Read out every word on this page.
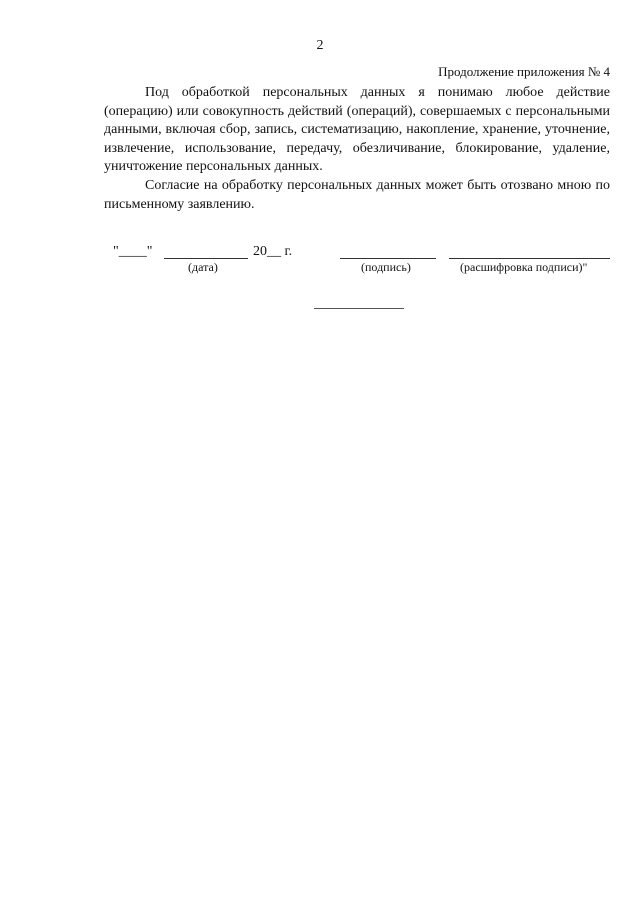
2
Продолжение приложения № 4

Под обработкой персональных данных я понимаю любое действие (операцию) или совокупность действий (операций), совершаемых с персональными данными, включая сбор, запись, систематизацию, накопление, хранение, уточнение, извлечение, использование, передачу, обезличивание, блокирование, удаление, уничтожение персональных данных.

Согласие на обработку персональных данных может быть отозвано мною по письменному заявлению.

"____"
(дата)
20__ г.
(подпись)	(расшифровка подписи)"
